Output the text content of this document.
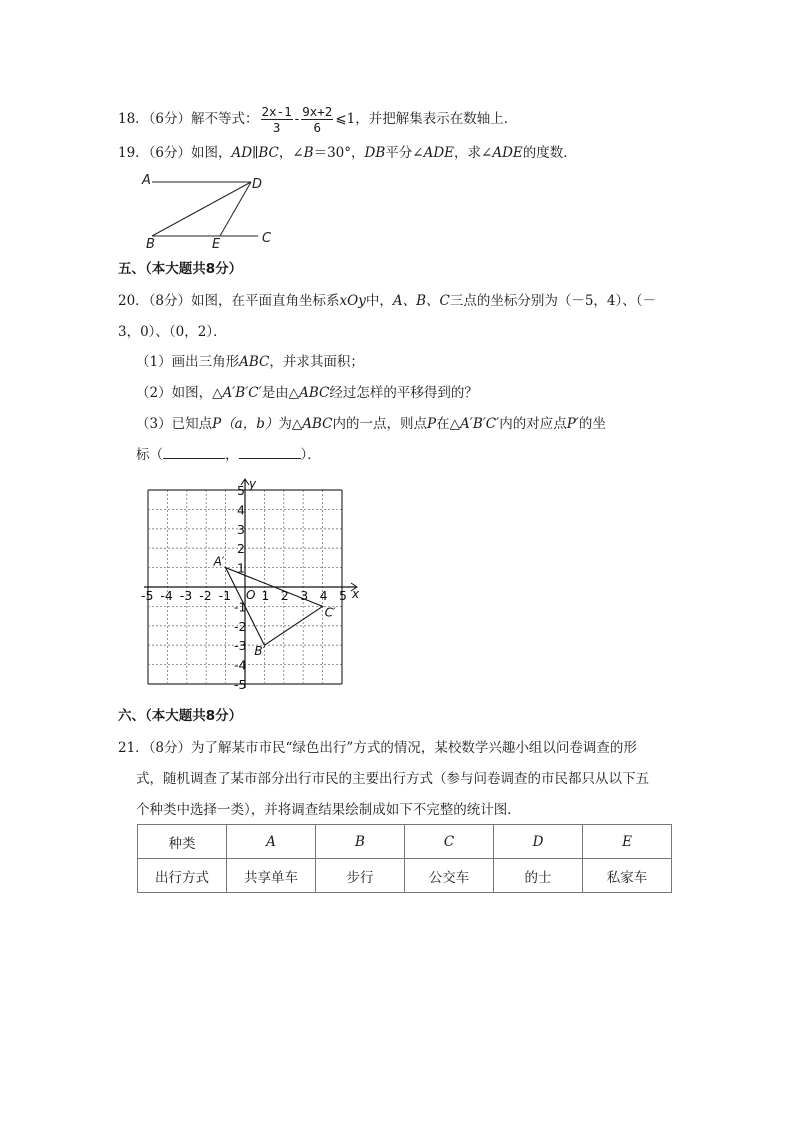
18．（6分）解不等式： $\frac{2x-1}{3} - \frac{9x+2}{6}$ ⩽1，并把解集表示在数轴上．
19．（6分）如图，AD∥BC，∠B＝30°，DB平分∠ADE，求∠ADE的度数．
A	D
B	E	C
五、（本大题共8分）
20．（8分）如图，在平面直角坐标系xOy中，A、B、C三点的坐标分别为（－5，4）、（－
3，0）、（0，2）．
（1）画出三角形ABC，并求其面积；
（2）如图，△A′B′C′是由△ABC经过怎样的平移得到的？
（3）已知点P（a，b）为△ABC内的一点，则点P在△A′B′C′内的对应点P′的坐
标（	，	）．
x
y
O
-5 -4 -3 -2 -1 1 2 3 4 5
5
4
3
2
1
-1
-2
-3
-4
-5
A′
B′
C′
六、（本大题共8分）
21．（8分）为了解某市市民“绿色出行”方式的情况，某校数学兴趣小组以问卷调查的形
式，随机调查了某市部分出行市民的主要出行方式（参与问卷调查的市民都只从以下五
个种类中选择一类），并将调查结果绘制成如下不完整的统计图．
种类	A	B	C	D	E
出行方式	共享单车	步行	公交车	的士	私家车
